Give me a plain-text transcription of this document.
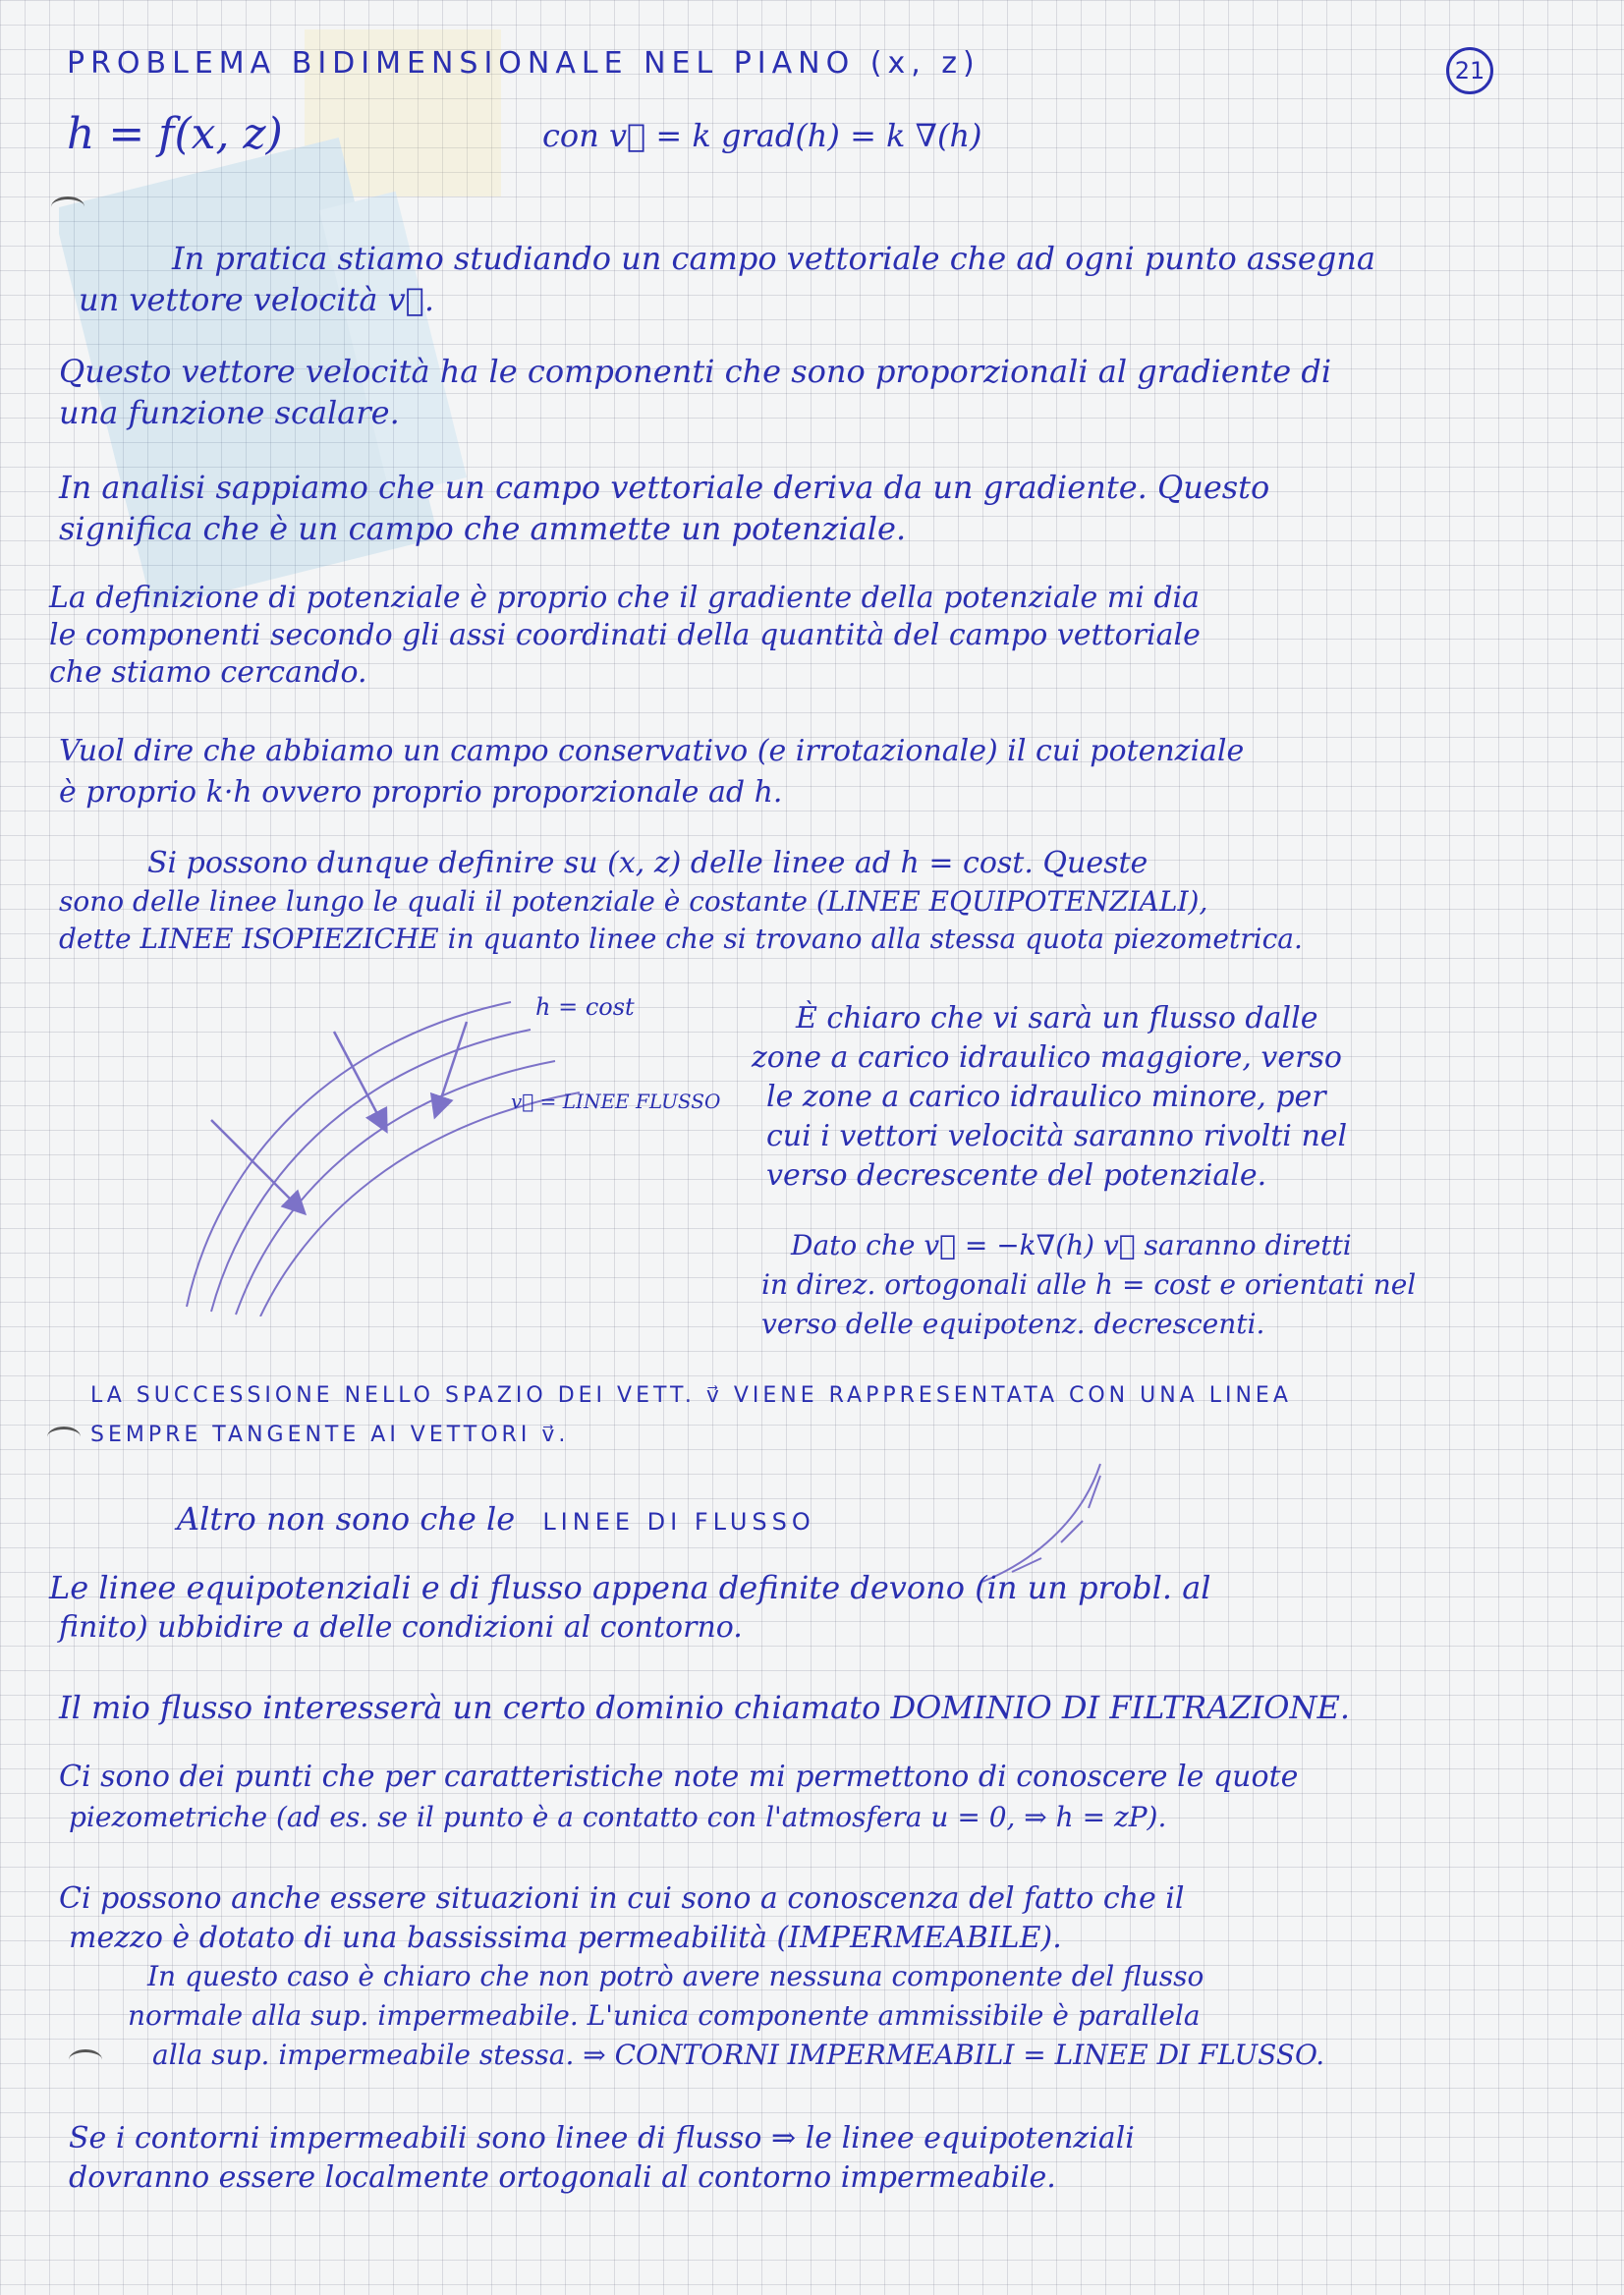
21
PROBLEMA BIDIMENSIONALE NEL PIANO (x, z)
h = f(x, z)	con v⃗ = k grad(h) = k ∇(h)
In pratica stiamo studiando un campo vettoriale che ad ogni punto assegna
un vettore velocità v⃗.
Questo vettore velocità ha le componenti che sono proporzionali al gradiente di
una funzione scalare.
In analisi sappiamo che un campo vettoriale deriva da un gradiente. Questo
significa che è un campo che ammette un potenziale.
La definizione di potenziale è proprio che il gradiente della potenziale mi dia
le componenti secondo gli assi coordinati della quantità del campo vettoriale
che stiamo cercando.
Vuol dire che abbiamo un campo conservativo (e irrotazionale) il cui potenziale
è proprio k·h ovvero proprio proporzionale ad h.
Si possono dunque definire su (x, z) delle linee ad h = cost. Queste
sono delle linee lungo le quali il potenziale è costante (LINEE EQUIPOTENZIALI),
dette LINEE ISOPIEZICHE in quanto linee che si trovano alla stessa quota piezometrica.
h = cost
v⃗ = LINEE FLUSSO
È chiaro che vi sarà un flusso dalle
zone a carico idraulico maggiore, verso
le zone a carico idraulico minore, per
cui i vettori velocità saranno rivolti nel
verso decrescente del potenziale.
Dato che v⃗ = −k∇(h) v⃗ saranno diretti
in direz. ortogonali alle h = cost e orientati nel
verso delle equipotenz. decrescenti.
LA SUCCESSIONE NELLO SPAZIO DEI VETT. v⃗ VIENE RAPPRESENTATA CON UNA LINEA
SEMPRE TANGENTE AI VETTORI v⃗.
Altro non sono che le LINEE DI FLUSSO
Le linee equipotenziali e di flusso appena definite devono (in un probl. al
finito) ubbidire a delle condizioni al contorno.
Il mio flusso interesserà un certo dominio chiamato DOMINIO DI FILTRAZIONE.
Ci sono dei punti che per caratteristiche note mi permettono di conoscere le quote
piezometriche (ad es. se il punto è a contatto con l'atmosfera u = 0, ⇒ h = zP).
Ci possono anche essere situazioni in cui sono a conoscenza del fatto che il
mezzo è dotato di una bassissima permeabilità (IMPERMEABILE).
In questo caso è chiaro che non potrò avere nessuna componente del flusso
normale alla sup. impermeabile. L'unica componente ammissibile è parallela
alla sup. impermeabile stessa. ⇒ CONTORNI IMPERMEABILI = LINEE DI FLUSSO.
Se i contorni impermeabili sono linee di flusso ⇒ le linee equipotenziali
dovranno essere localmente ortogonali al contorno impermeabile.
